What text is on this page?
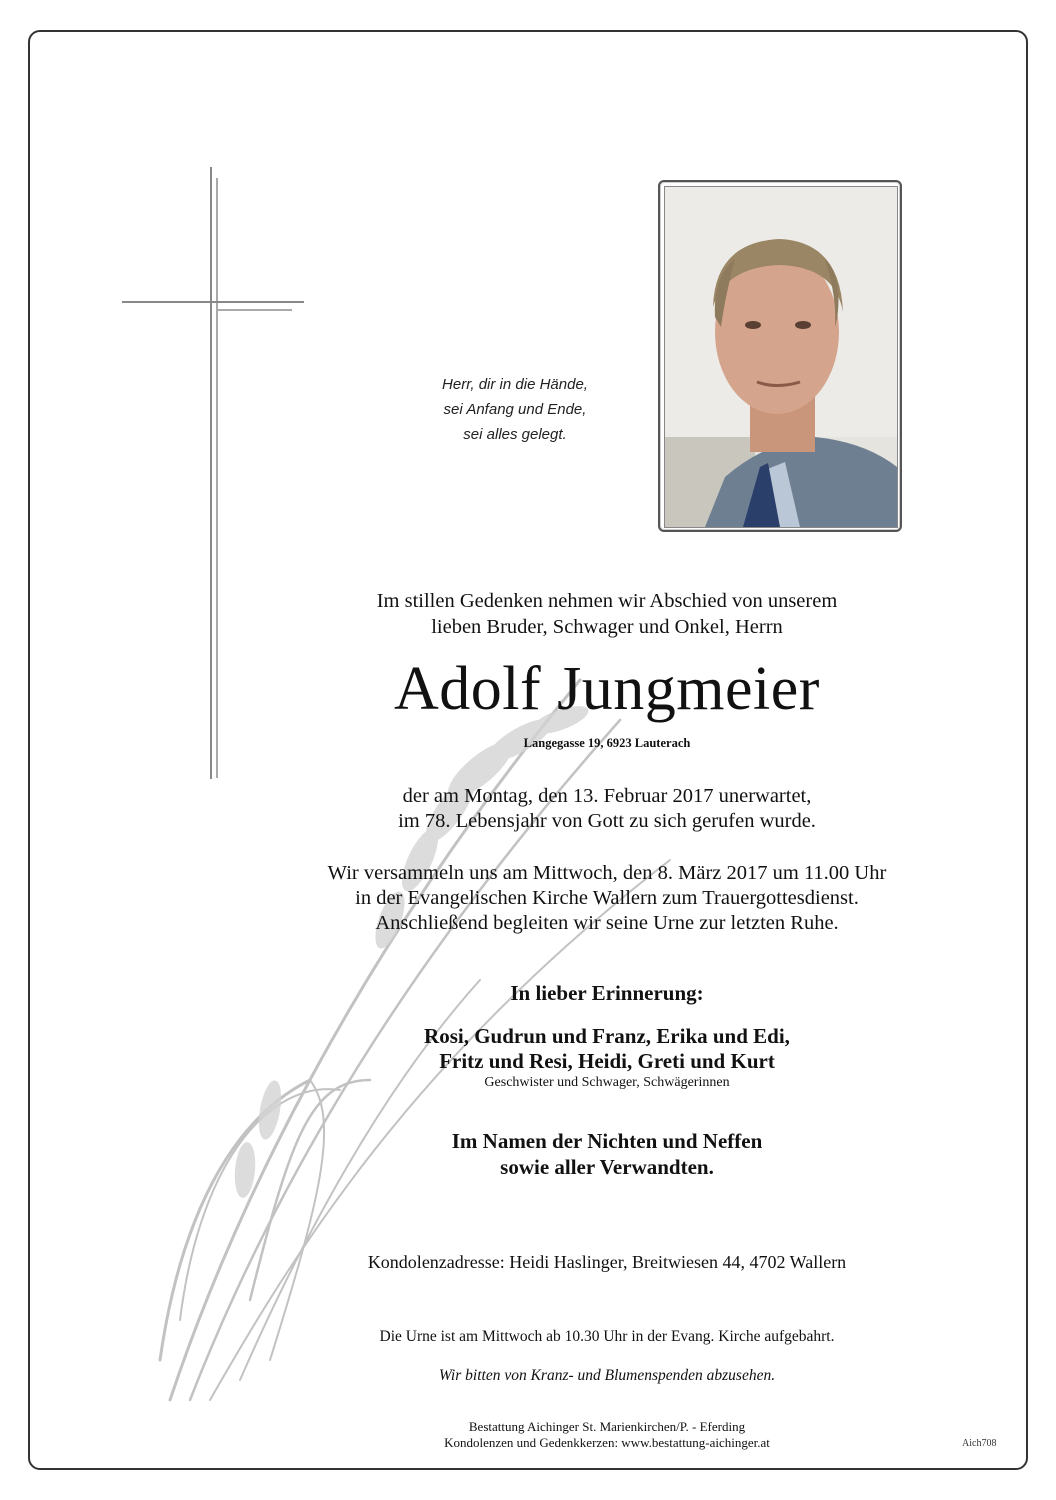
Herr, dir in die Hände,
sei Anfang und Ende,
sei alles gelegt.
Im stillen Gedenken nehmen wir Abschied von unserem
lieben Bruder, Schwager und Onkel, Herrn
Adolf Jungmeier
Langegasse 19, 6923 Lauterach
der am Montag, den 13. Februar 2017 unerwartet,
im 78. Lebensjahr von Gott zu sich gerufen wurde.
Wir versammeln uns am Mittwoch, den 8. März 2017 um 11.00 Uhr
in der Evangelischen Kirche Wallern zum Trauergottesdienst.
Anschließend begleiten wir seine Urne zur letzten Ruhe.
In lieber Erinnerung:
Rosi, Gudrun und Franz, Erika und Edi,
Fritz und Resi, Heidi, Greti und Kurt
Geschwister und Schwager, Schwägerinnen
Im Namen der Nichten und Neffen
sowie aller Verwandten.
Kondolenzadresse: Heidi Haslinger, Breitwiesen 44, 4702 Wallern
Die Urne ist am Mittwoch ab 10.30 Uhr in der Evang. Kirche aufgebahrt.
Wir bitten von Kranz- und Blumenspenden abzusehen.
Bestattung Aichinger St. Marienkirchen/P. - Eferding
Kondolenzen und Gedenkkerzen: www.bestattung-aichinger.at	Aich708
